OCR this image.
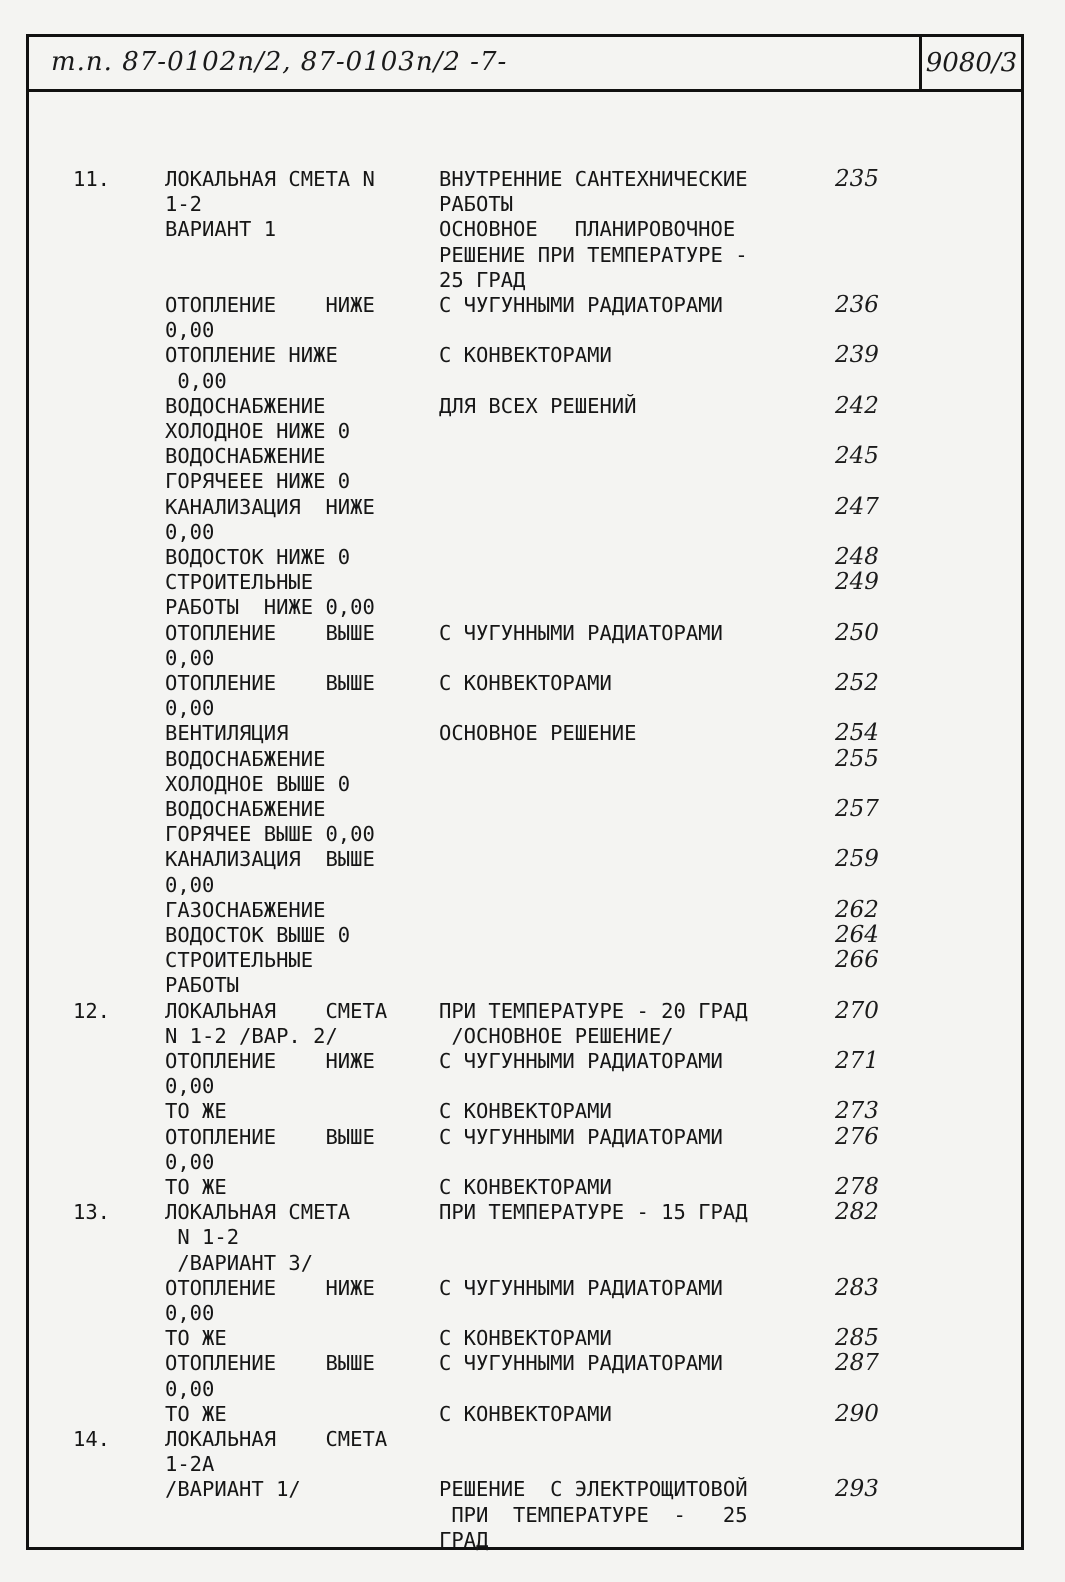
т.п. 87-0102п/2, 87-0103п/2 -7-	9080/3
11.	ЛОКАЛЬНАЯ СМЕТА N	ВНУТРЕННИЕ САНТЕХНИЧЕСКИЕ	235
1-2	РАБОТЫ
ВАРИАНТ 1	ОСНОВНОЕ   ПЛАНИРОВОЧНОЕ
РЕШЕНИЕ ПРИ ТЕМПЕРАТУРЕ -
25 ГРАД
ОТОПЛЕНИЕ    НИЖЕ	С ЧУГУННЫМИ РАДИАТОРАМИ	236
0,00
ОТОПЛЕНИЕ НИЖЕ	С КОНВЕКТОРАМИ	239
0,00
ВОДОСНАБЖЕНИЕ	ДЛЯ ВСЕХ РЕШЕНИЙ	242
ХОЛОДНОЕ НИЖЕ 0
ВОДОСНАБЖЕНИЕ	245
ГОРЯЧЕЕЕ НИЖЕ 0
КАНАЛИЗАЦИЯ  НИЖЕ	247
0,00
ВОДОСТОК НИЖЕ 0	248
СТРОИТЕЛЬНЫЕ	249
РАБОТЫ  НИЖЕ 0,00
ОТОПЛЕНИЕ    ВЫШЕ	С ЧУГУННЫМИ РАДИАТОРАМИ	250
0,00
ОТОПЛЕНИЕ    ВЫШЕ	С КОНВЕКТОРАМИ	252
0,00
ВЕНТИЛЯЦИЯ	ОСНОВНОЕ РЕШЕНИЕ	254
ВОДОСНАБЖЕНИЕ	255
ХОЛОДНОЕ ВЫШЕ 0
ВОДОСНАБЖЕНИЕ	257
ГОРЯЧЕЕ ВЫШЕ 0,00
КАНАЛИЗАЦИЯ  ВЫШЕ	259
0,00
ГАЗОСНАБЖЕНИЕ	262
ВОДОСТОК ВЫШЕ 0	264
СТРОИТЕЛЬНЫЕ	266
РАБОТЫ
12.	ЛОКАЛЬНАЯ    СМЕТА	ПРИ ТЕМПЕРАТУРЕ - 20 ГРАД	270
N 1-2 /ВАР. 2/	/ОСНОВНОЕ РЕШЕНИЕ/
ОТОПЛЕНИЕ    НИЖЕ	С ЧУГУННЫМИ РАДИАТОРАМИ	271
0,00
ТО ЖЕ	С КОНВЕКТОРАМИ	273
ОТОПЛЕНИЕ    ВЫШЕ	С ЧУГУННЫМИ РАДИАТОРАМИ	276
0,00
ТО ЖЕ	С КОНВЕКТОРАМИ	278
13.	ЛОКАЛЬНАЯ СМЕТА	ПРИ ТЕМПЕРАТУРЕ - 15 ГРАД	282
N 1-2
/ВАРИАНТ 3/
ОТОПЛЕНИЕ    НИЖЕ	С ЧУГУННЫМИ РАДИАТОРАМИ	283
0,00
ТО ЖЕ	С КОНВЕКТОРАМИ	285
ОТОПЛЕНИЕ    ВЫШЕ	С ЧУГУННЫМИ РАДИАТОРАМИ	287
0,00
ТО ЖЕ	С КОНВЕКТОРАМИ	290
14.	ЛОКАЛЬНАЯ    СМЕТА
1-2А
/ВАРИАНТ 1/	РЕШЕНИЕ  С ЭЛЕКТРОЩИТОВОЙ	293
ПРИ  ТЕМПЕРАТУРЕ  -   25
ГРАД
